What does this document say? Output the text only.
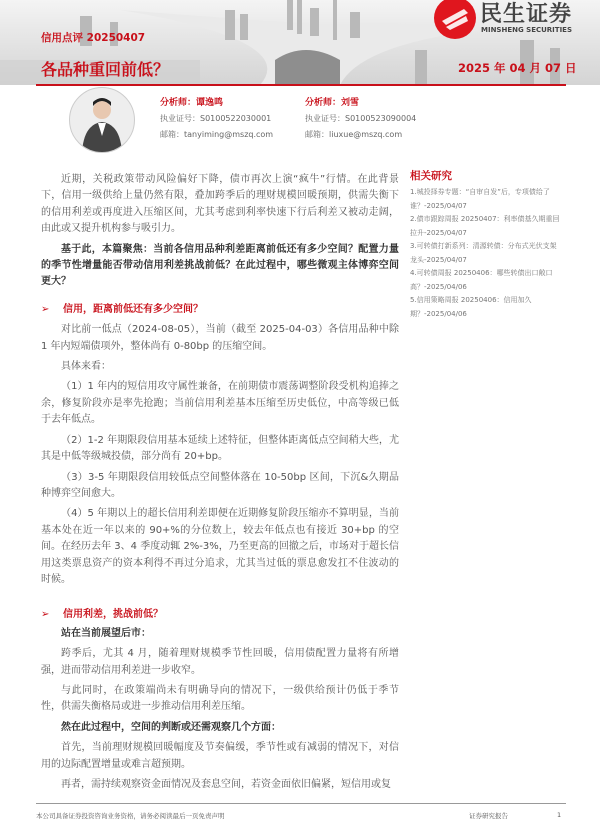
信用点评 20250407
各品种重回前低？	2025 年 04 月 07 日
民生证券
MINSHENG SECURITIES
分析师：谭逸鸣
执业证号：S0100522030001
邮箱：tanyiming@mszq.com
分析师：刘雪
执业证号：S0100523090004
邮箱：liuxue@mszq.com

近期，关税政策带动风险偏好下降，债市再次上演“疯牛”行情。在此背景下，信用一级供给上量仍然有限，叠加跨季后的理财规模回暖预期，供需失衡下的信用利差或再度进入压缩区间，尤其考虑到利率快速下行后利差又被动走阔，由此或又提升机构参与吸引力。

基于此，本篇聚焦：当前各信用品种利差距离前低还有多少空间？配置力量的季节性增量能否带动信用利差挑战前低？在此过程中，哪些微观主体博弈空间更大？

➢	信用，距离前低还有多少空间？

对比前一低点（2024-08-05），当前（截至 2025-04-03）各信用品种中除 1 年内短端债项外，整体尚有 0-80bp 的压缩空间。

具体来看：

（1）1 年内的短信用攻守属性兼备，在前期债市震荡调整阶段受机构追捧之余，修复阶段亦是率先抢跑；当前信用利差基本压缩至历史低位，中高等级已低于去年低点。

（2）1-2 年期限段信用基本延续上述特征，但整体距离低点空间稍大些，尤其是中低等级城投债，部分尚有 20+bp。

（3）3-5 年期限段信用较低点空间整体落在 10-50bp 区间，下沉&久期品种博弈空间愈大。

（4）5 年期以上的超长信用利差即便在近期修复阶段压缩亦不算明显，当前基本处在近一年以来的 90+%的分位数上，较去年低点也有接近 30+bp 的空间。在经历去年 3、4 季度动辄 2%-3%，乃至更高的回撤之后，市场对于超长信用这类票息资产的资本利得不再过分追求，尤其当过低的票息愈发扛不住波动的时候。

➢	信用利差，挑战前低？

站在当前展望后市：

跨季后，尤其 4 月，随着理财规模季节性回暖，信用债配置力量将有所增强，进而带动信用利差进一步收窄。

与此同时，在政策端尚未有明确导向的情况下，一级供给预计仍低于季节性，供需失衡格局或进一步推动信用利差压缩。

然在此过程中，空间的判断或还需观察几个方面：

首先，当前理财规模回暖幅度及节奏偏缓，季节性或有减弱的情况下，对信用的边际配置增量或难言超预期。

再者，需持续观察资金面情况及套息空间，若资金面依旧偏紧，短信用或复

相关研究
1.城投择券专题：“自审自发”后，专项债给了谁？-2025/04/07
2.债市跟踪周报 20250407：利率债基久期重回拉升-2025/04/07
3.可转债打新系列：清源转债：分布式光伏支架龙头-2025/04/07
4.可转债周报 20250406：哪些转债出口敞口高？-2025/04/06
5.信用策略周报 20250406：信用加久期？-2025/04/06
本公司具备证券投资咨询业务资格，请务必阅读最后一页免责声明	证券研究报告	1
